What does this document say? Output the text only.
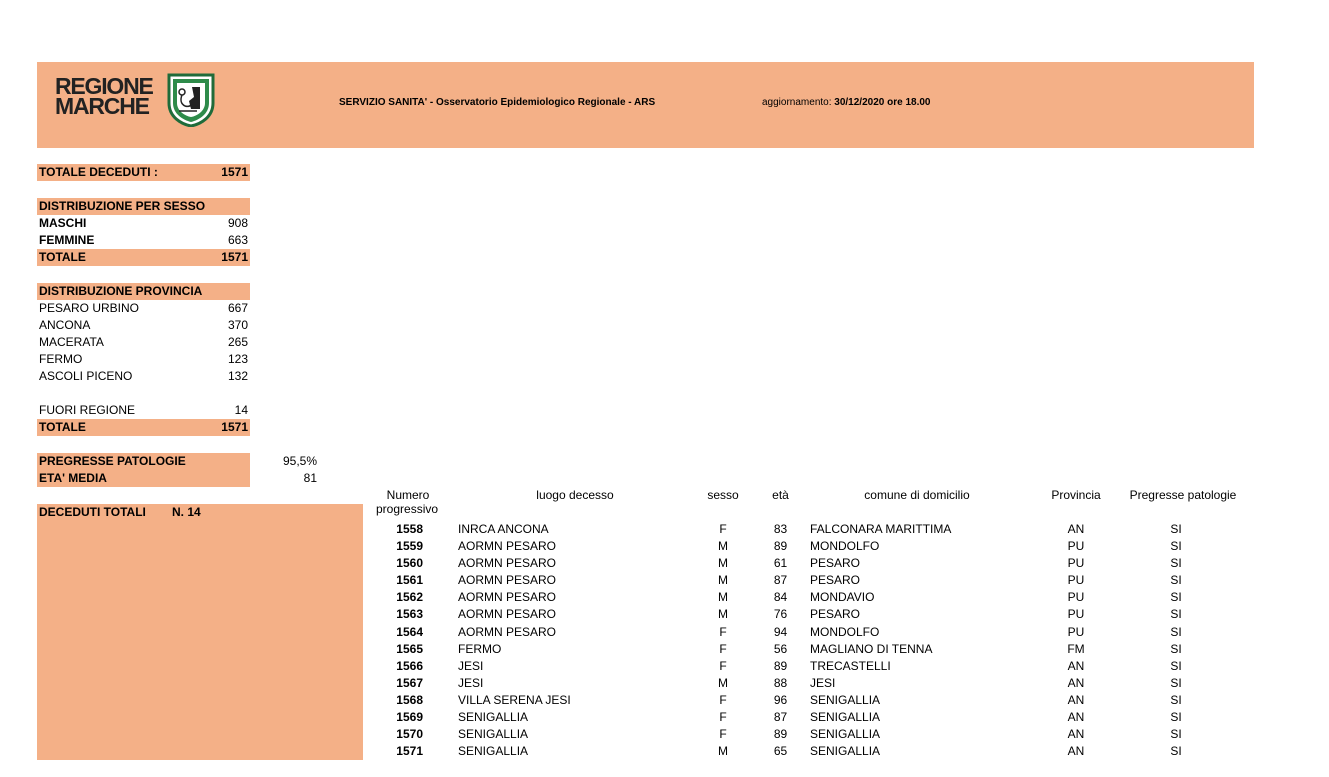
REGIONE
MARCHE	SERVIZIO SANITA' - Osservatorio Epidemiologico Regionale - ARS	aggiornamento: 30/12/2020 ore 18.00
TOTALE DECEDUTI :	1571
DISTRIBUZIONE PER SESSO
MASCHI	908
FEMMINE	663
TOTALE	1571
DISTRIBUZIONE PROVINCIA
PESARO URBINO	667
ANCONA	370
MACERATA	265
FERMO	123
ASCOLI PICENO	132
FUORI REGIONE	14
TOTALE	1571
PREGRESSE PATOLOGIE	95,5%
ETA' MEDIA	81
DECEDUTI TOTALI N. 14
Numero
progressivo
luogo decesso	sesso	età	comune di domicilio	Provincia	Pregresse patologie
1558	INRCA ANCONA	F	83	FALCONARA MARITTIMA	AN	SI
1559	AORMN PESARO	M	89	MONDOLFO	PU	SI
1560	AORMN PESARO	M	61	PESARO	PU	SI
1561	AORMN PESARO	M	87	PESARO	PU	SI
1562	AORMN PESARO	M	84	MONDAVIO	PU	SI
1563	AORMN PESARO	M	76	PESARO	PU	SI
1564	AORMN PESARO	F	94	MONDOLFO	PU	SI
1565	FERMO	F	56	MAGLIANO DI TENNA	FM	SI
1566	JESI	F	89	TRECASTELLI	AN	SI
1567	JESI	M	88	JESI	AN	SI
1568	VILLA SERENA JESI	F	96	SENIGALLIA	AN	SI
1569	SENIGALLIA	F	87	SENIGALLIA	AN	SI
1570	SENIGALLIA	F	89	SENIGALLIA	AN	SI
1571	SENIGALLIA	M	65	SENIGALLIA	AN	SI
